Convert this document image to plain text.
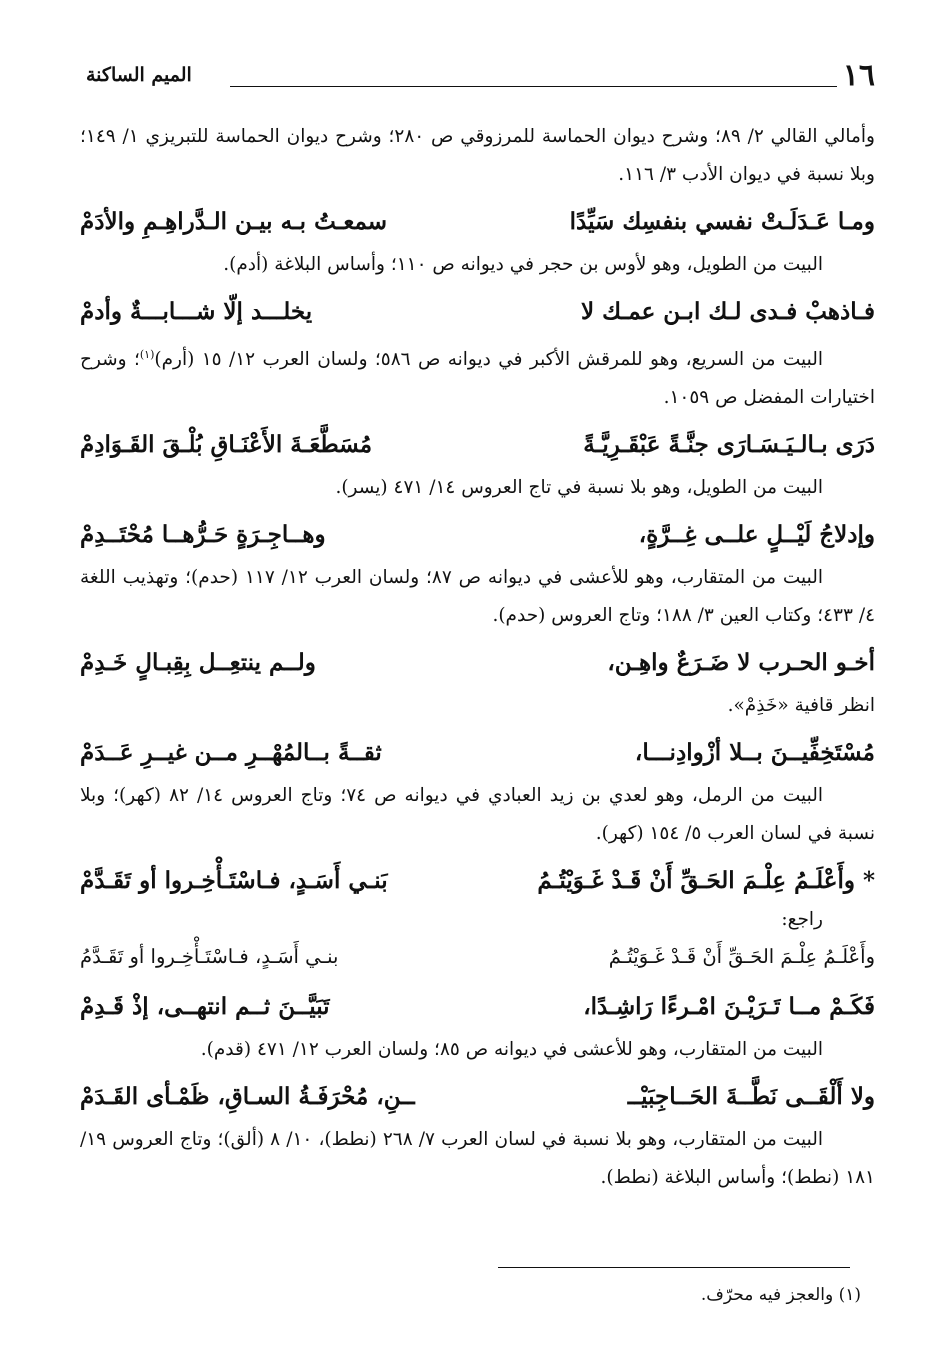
١٦
الميم الساكنة

وأمالي القالي ٢/ ٨٩؛ وشرح ديوان الحماسة للمرزوقي ص ٢٨٠؛ وشرح ديوان الحماسة للتبريزي ١/ ١٤٩؛ وبلا نسبة في ديوان الأدب ٣/ ١١٦.

ومـا عَـدَلَـتْ نفسي بنفسِك سَيِّدًا
سمعـتُ بـه بيـن الـدَّراهِـمِ والأدَمْ

البيت من الطويل، وهو لأوس بن حجر في ديوانه ص ١١٠؛ وأساس البلاغة (أدم).

فـاذهبْ فـدى لـك ابـن عمـك لا
يخلـــد إلّا شـــابـــةٌ وأدمْ

البيت من السريع، وهو للمرقش الأكبر في ديوانه ص ٥٨٦؛ ولسان العرب ١٢/ ١٥ (أرم)$^{(١)}$؛ وشرح اختيارات المفضل ص ١٠٥٩.

دَرَى بـالـيَـسَـارَى جنَّـةً عَبْقَـرِيَّـةً
مُسَطَّعَـةَ الأَعْنَـاقِ بُلْـقَ القَـوَادِمْ

البيت من الطويل، وهو بلا نسبة في تاج العروس ١٤/ ٤٧١ (يسر).

وإدلاجُ لَيْــلٍ علــى غِــرَّةٍ،
وهــاجِـرَةٍ حَـرُّهــا مُحْتَــدِمْ

البيت من المتقارب، وهو للأعشى في ديوانه ص ٨٧؛ ولسان العرب ١٢/ ١١٧ (حدم)؛ وتهذيب اللغة ٤/ ٤٣٣؛ وكتاب العين ٣/ ١٨٨؛ وتاج العروس (حدم).

أخـو الحـرب لا ضَـرَعٌ واهِـن،
ولــم ينتعِــل بِقِبـالٍ خَـدِمْ

انظر قافية «خَذِمْ».

مُسْتَخِفِّيــنَ بــلا أزْوادِنـــا،
ثقــةً بــالمُهْــرِ مــن غيــرِ عَــدَمْ

البيت من الرمل، وهو لعدي بن زيد العبادي في ديوانه ص ٧٤؛ وتاج العروس ١٤/ ٨٢ (كهر)؛ وبلا نسبة في لسان العرب ٥/ ١٥٤ (كهر).

* وأَعْلَـمُ عِلْـمَ الحَـقِّ أَنْ قَـدْ غَـوَيْتُـمُ
بَنـي أَسَـدٍ، فـاسْتَـأْخِـروا أو تَقَـدَّمْ

راجع:

وأَعْلَـمُ عِلْـمَ الحَـقِّ أَنْ قَـدْ غَـوَيْتُـمُ
بنـي أَسَـدٍ، فـاسْتَـأْخِـروا أو تَقَـدَّمُ
فَكَـمْ مــا تَـرَيْـنَ امْـرءًا رَاشِـدًا،
تَبَيَّــنَ ثــم انتهــى، إذْ قَـدِمْ

البيت من المتقارب، وهو للأعشى في ديوانه ص ٨٥؛ ولسان العرب ١٢/ ٤٧١ (قدم).

ولا أَلْقَــى نَطَّــةَ الحَــاجِبَيْــ
ــنِ، مُحْرَفَـةُ السـاقِ، ظَمْـأى القَـدَمْ

البيت من المتقارب، وهو بلا نسبة في لسان العرب ٧/ ٢٦٨ (نطط)، ١٠/ ٨ (ألق)؛ وتاج العروس ١٩/ ١٨١ (نطط)؛ وأساس البلاغة (نطط).

(١) والعجز فيه محرّف.
